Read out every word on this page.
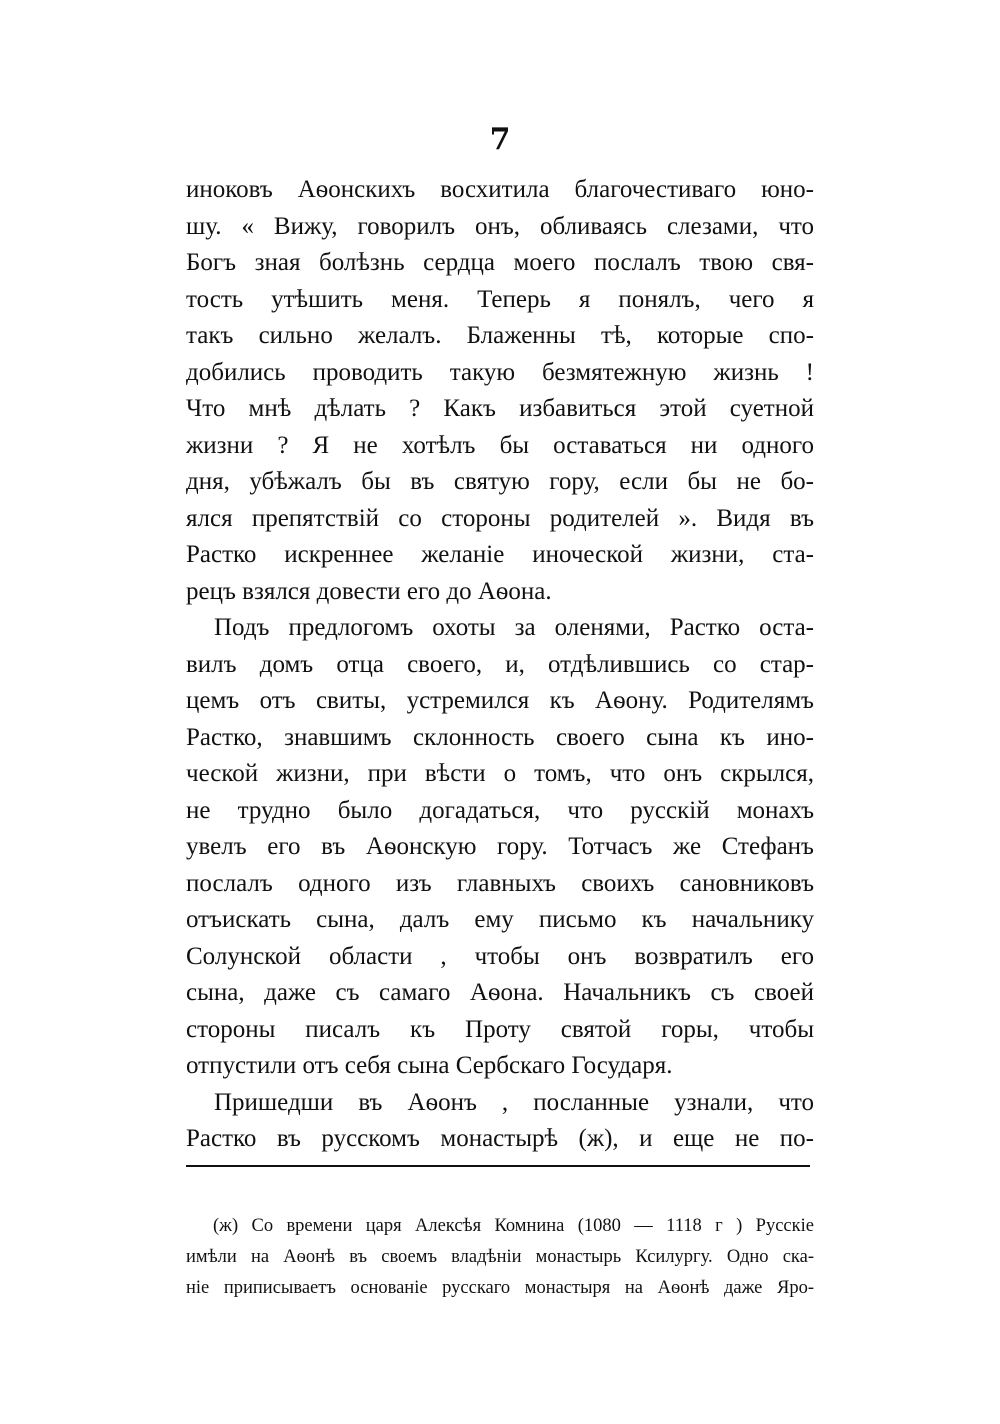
7
иноковъ Аѳонскихъ восхитила благочестиваго юно-
шу. « Вижу, говорилъ онъ, обливаясь слезами, что
Богъ зная болѣзнь сердца моего послалъ твою свя-
тость утѣшить меня. Теперь я понялъ, чего я
такъ сильно желалъ. Блаженны тѣ, которые спо-
добились проводить такую безмятежную жизнь !
Что мнѣ дѣлать ? Какъ избавиться этой суетной
жизни ? Я не хотѣлъ бы оставаться ни одного
дня, убѣжалъ бы въ святую гору, если бы не бо-
ялся препятствій со стороны родителей ». Видя въ
Растко искреннее желаніе иноческой жизни, ста-
рецъ взялся довести его до Аѳона.
Подъ предлогомъ охоты за оленями, Растко оста-
вилъ домъ отца своего, и, отдѣлившись со стар-
цемъ отъ свиты, устремился къ Аѳону. Родителямъ
Растко, знавшимъ склонность своего сына къ ино-
ческой жизни, при вѣсти о томъ, что онъ скрылся,
не трудно было догадаться, что русскій монахъ
увелъ его въ Аѳонскую гору. Тотчасъ же Стефанъ
послалъ одного изъ главныхъ своихъ сановниковъ
отъискать сына, далъ ему письмо къ начальнику
Солунской области , чтобы онъ возвратилъ его
сына, даже съ самаго Аѳона. Начальникъ съ своей
стороны писалъ къ Проту святой горы, чтобы
отпустили отъ себя сына Сербскаго Государя.
Пришедши въ Аѳонъ , посланные узнали, что
Растко въ русскомъ монастырѣ (ж), и еще не по-
(ж) Со времени царя Алексѣя Комнина (1080 — 1118 г ) Русскіе
имѣли на Аѳонѣ въ своемъ владѣніи монастырь Ксилургу. Одно ска-
ніе приписываетъ основаніе русскаго монастыря на Аѳонѣ даже Яро-
